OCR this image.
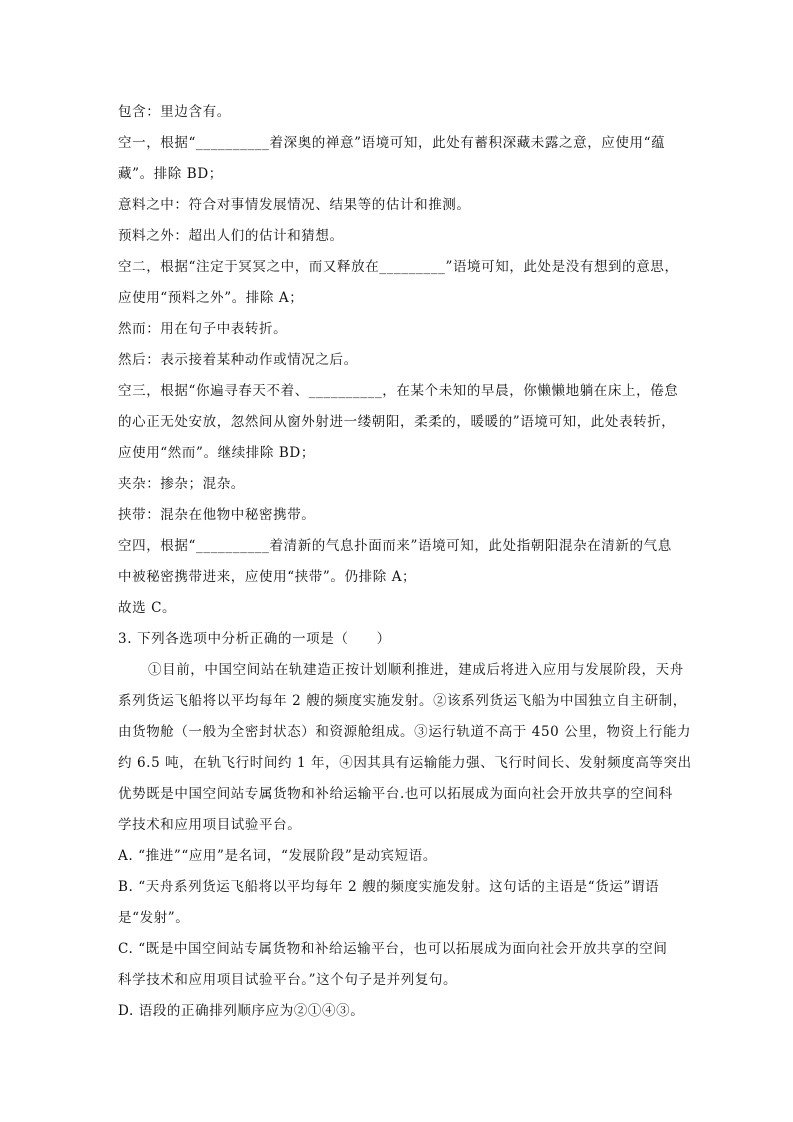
包含：里边含有。
空一，根据“__________着深奥的禅意”语境可知，此处有蓄积深藏未露之意，应使用“蕴
藏”。排除 BD；
意料之中：符合对事情发展情况、结果等的估计和推测。
预料之外：超出人们的估计和猜想。
空二，根据“注定于冥冥之中，而又释放在_________”语境可知，此处是没有想到的意思，
应使用“预料之外”。排除 A；
然而：用在句子中表转折。
然后：表示接着某种动作或情况之后。
空三，根据“你遍寻春天不着、__________，在某个未知的早晨，你懒懒地躺在床上，倦怠
的心正无处安放，忽然间从窗外射进一缕朝阳，柔柔的，暖暖的”语境可知，此处表转折，
应使用“然而”。继续排除 BD；
夹杂：掺杂；混杂。
挟带：混杂在他物中秘密携带。
空四，根据“__________着清新的气息扑面而来”语境可知，此处指朝阳混杂在清新的气息
中被秘密携带进来，应使用“挟带”。仍排除 A；
故选 C。
3. 下列各选项中分析正确的一项是（　　）
①目前，中国空间站在轨建造正按计划顺利推进，建成后将进入应用与发展阶段，天舟
系列货运飞船将以平均每年 2 艘的频度实施发射。②该系列货运飞船为中国独立自主研制，
由货物舱（一般为全密封状态）和资源舱组成。③运行轨道不高于 450 公里，物资上行能力
约 6.5 吨，在轨飞行时间约 1 年，④因其具有运输能力强、飞行时间长、发射频度高等突出
优势既是中国空间站专属货物和补给运输平台.也可以拓展成为面向社会开放共享的空间科
学技术和应用项目试验平台。
A. “推进”“应用”是名词，“发展阶段”是动宾短语。
B. “天舟系列货运飞船将以平均每年 2 艘的频度实施发射。这句话的主语是“货运”谓语
是“发射”。
C. “既是中国空间站专属货物和补给运输平台，也可以拓展成为面向社会开放共享的空间
科学技术和应用项目试验平台。”这个句子是并列复句。
D. 语段的正确排列顺序应为②①④③。
